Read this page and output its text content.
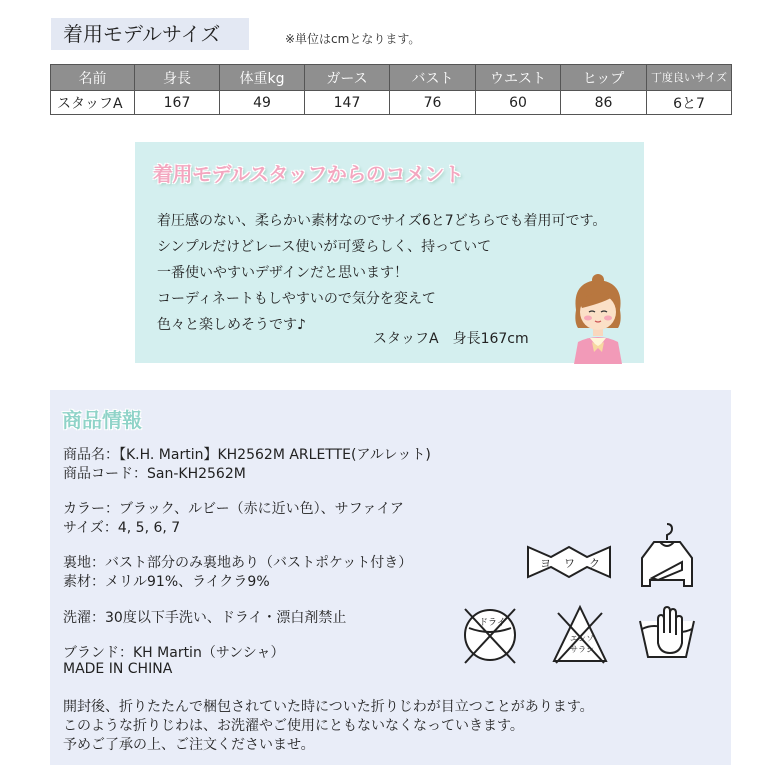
着用モデルサイズ	※単位はcmとなります。
名前	身長	体重kg	ガース	バスト	ウエスト	ヒップ	丁度良いサイズ
スタッフA	167	49	147	76	60	86	6と7
着用モデルスタッフからのコメント
着圧感のない、柔らかい素材なのでサイズ6と7どちらでも着用可です。
シンプルだけどレース使いが可愛らしく、持っていて
一番使いやすいデザインだと思います！
コーディネートもしやすいので気分を変えて
色々と楽しめそうです♪
スタッフA　身長167cm
商品情報
商品名：【K.H. Martin】KH2562M ARLETTE(アルレット)
商品コード：San-KH2562M
カラー：ブラック、ルビー（赤に近い色）、サファイア
サイズ：4, 5, 6, 7
裏地：バスト部分のみ裏地あり（バストポケット付き）
素材：メリル91%、ライクラ9%
洗濯：30度以下手洗い、ドライ・漂白剤禁止
ブランド：KH Martin（サンシャ）
MADE IN CHINA
開封後、折りたたんで梱包されていた時についた折りじわが目立つことがあります。
このような折りじわは、お洗濯やご使用にともないなくなっていきます。
予めご了承の上、ご注文くださいませ。
ヨ ワ ク
ドライ
エンソ
サラシ
